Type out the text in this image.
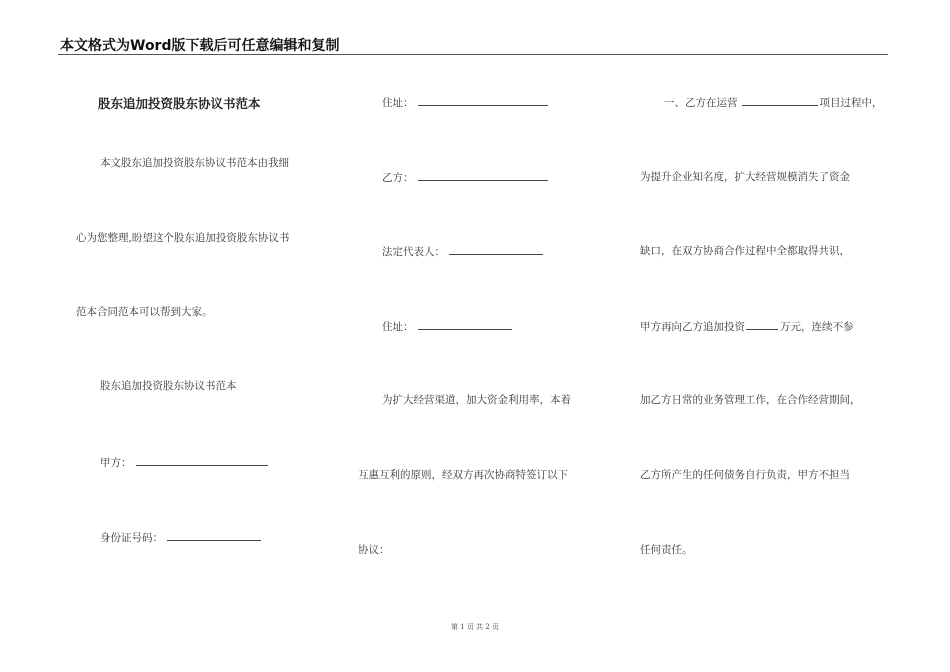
本文格式为Word版下载后可任意编辑和复制
股东追加投资股东协议书范本
本文股东追加投资股东协议书范本由我细
心为您整理,盼望这个股东追加投资股东协议书
范本合同范本可以帮到大家。
股东追加投资股东协议书范本
甲方：
身份证号码：
住址：
乙方：
法定代表人：
住址：
为扩大经营渠道，加大资金利用率，本着
互惠互利的原则，经双方再次协商特签订以下
协议：
一、乙方在运营	项目过程中，
为提升企业知名度，扩大经营规模消失了资金
缺口，在双方协商合作过程中全都取得共识，
甲方再向乙方追加投资	万元，连续不参
加乙方日常的业务管理工作，在合作经营期间，
乙方所产生的任何债务自行负责，甲方不担当
任何责任。
第 1 页 共 2 页
